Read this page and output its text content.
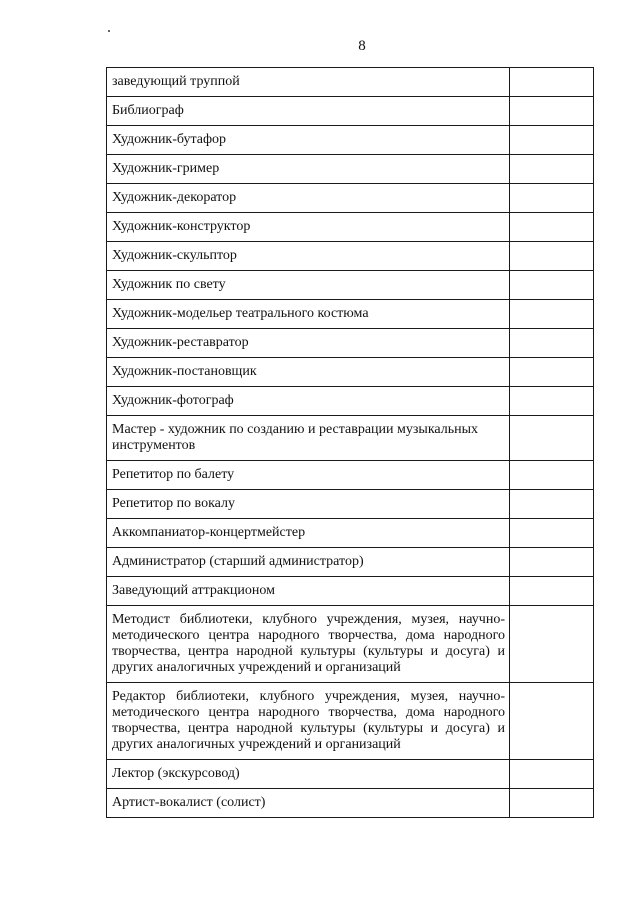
8
заведующий труппой	
Библиограф	
Художник-бутафор	
Художник-гример	
Художник-декоратор	
Художник-конструктор	
Художник-скульптор	
Художник по свету	
Художник-модельер театрального костюма	
Художник-реставратор	
Художник-постановщик	
Художник-фотограф	
Мастер - художник по созданию и реставрации музыкальных инструментов	
Репетитор по балету	
Репетитор по вокалу	
Аккомпаниатор-концертмейстер	
Администратор (старший администратор)	
Заведующий аттракционом	
Методист библиотеки, клубного учреждения, музея, научно-методического центра народного творчества, дома народного творчества, центра народной культуры (культуры и досуга) и других аналогичных учреждений и организаций	
Редактор библиотеки, клубного учреждения, музея, научно-методического центра народного творчества, дома народного творчества, центра народной культуры (культуры и досуга) и других аналогичных учреждений и организаций	
Лектор (экскурсовод)	
Артист-вокалист (солист)	
